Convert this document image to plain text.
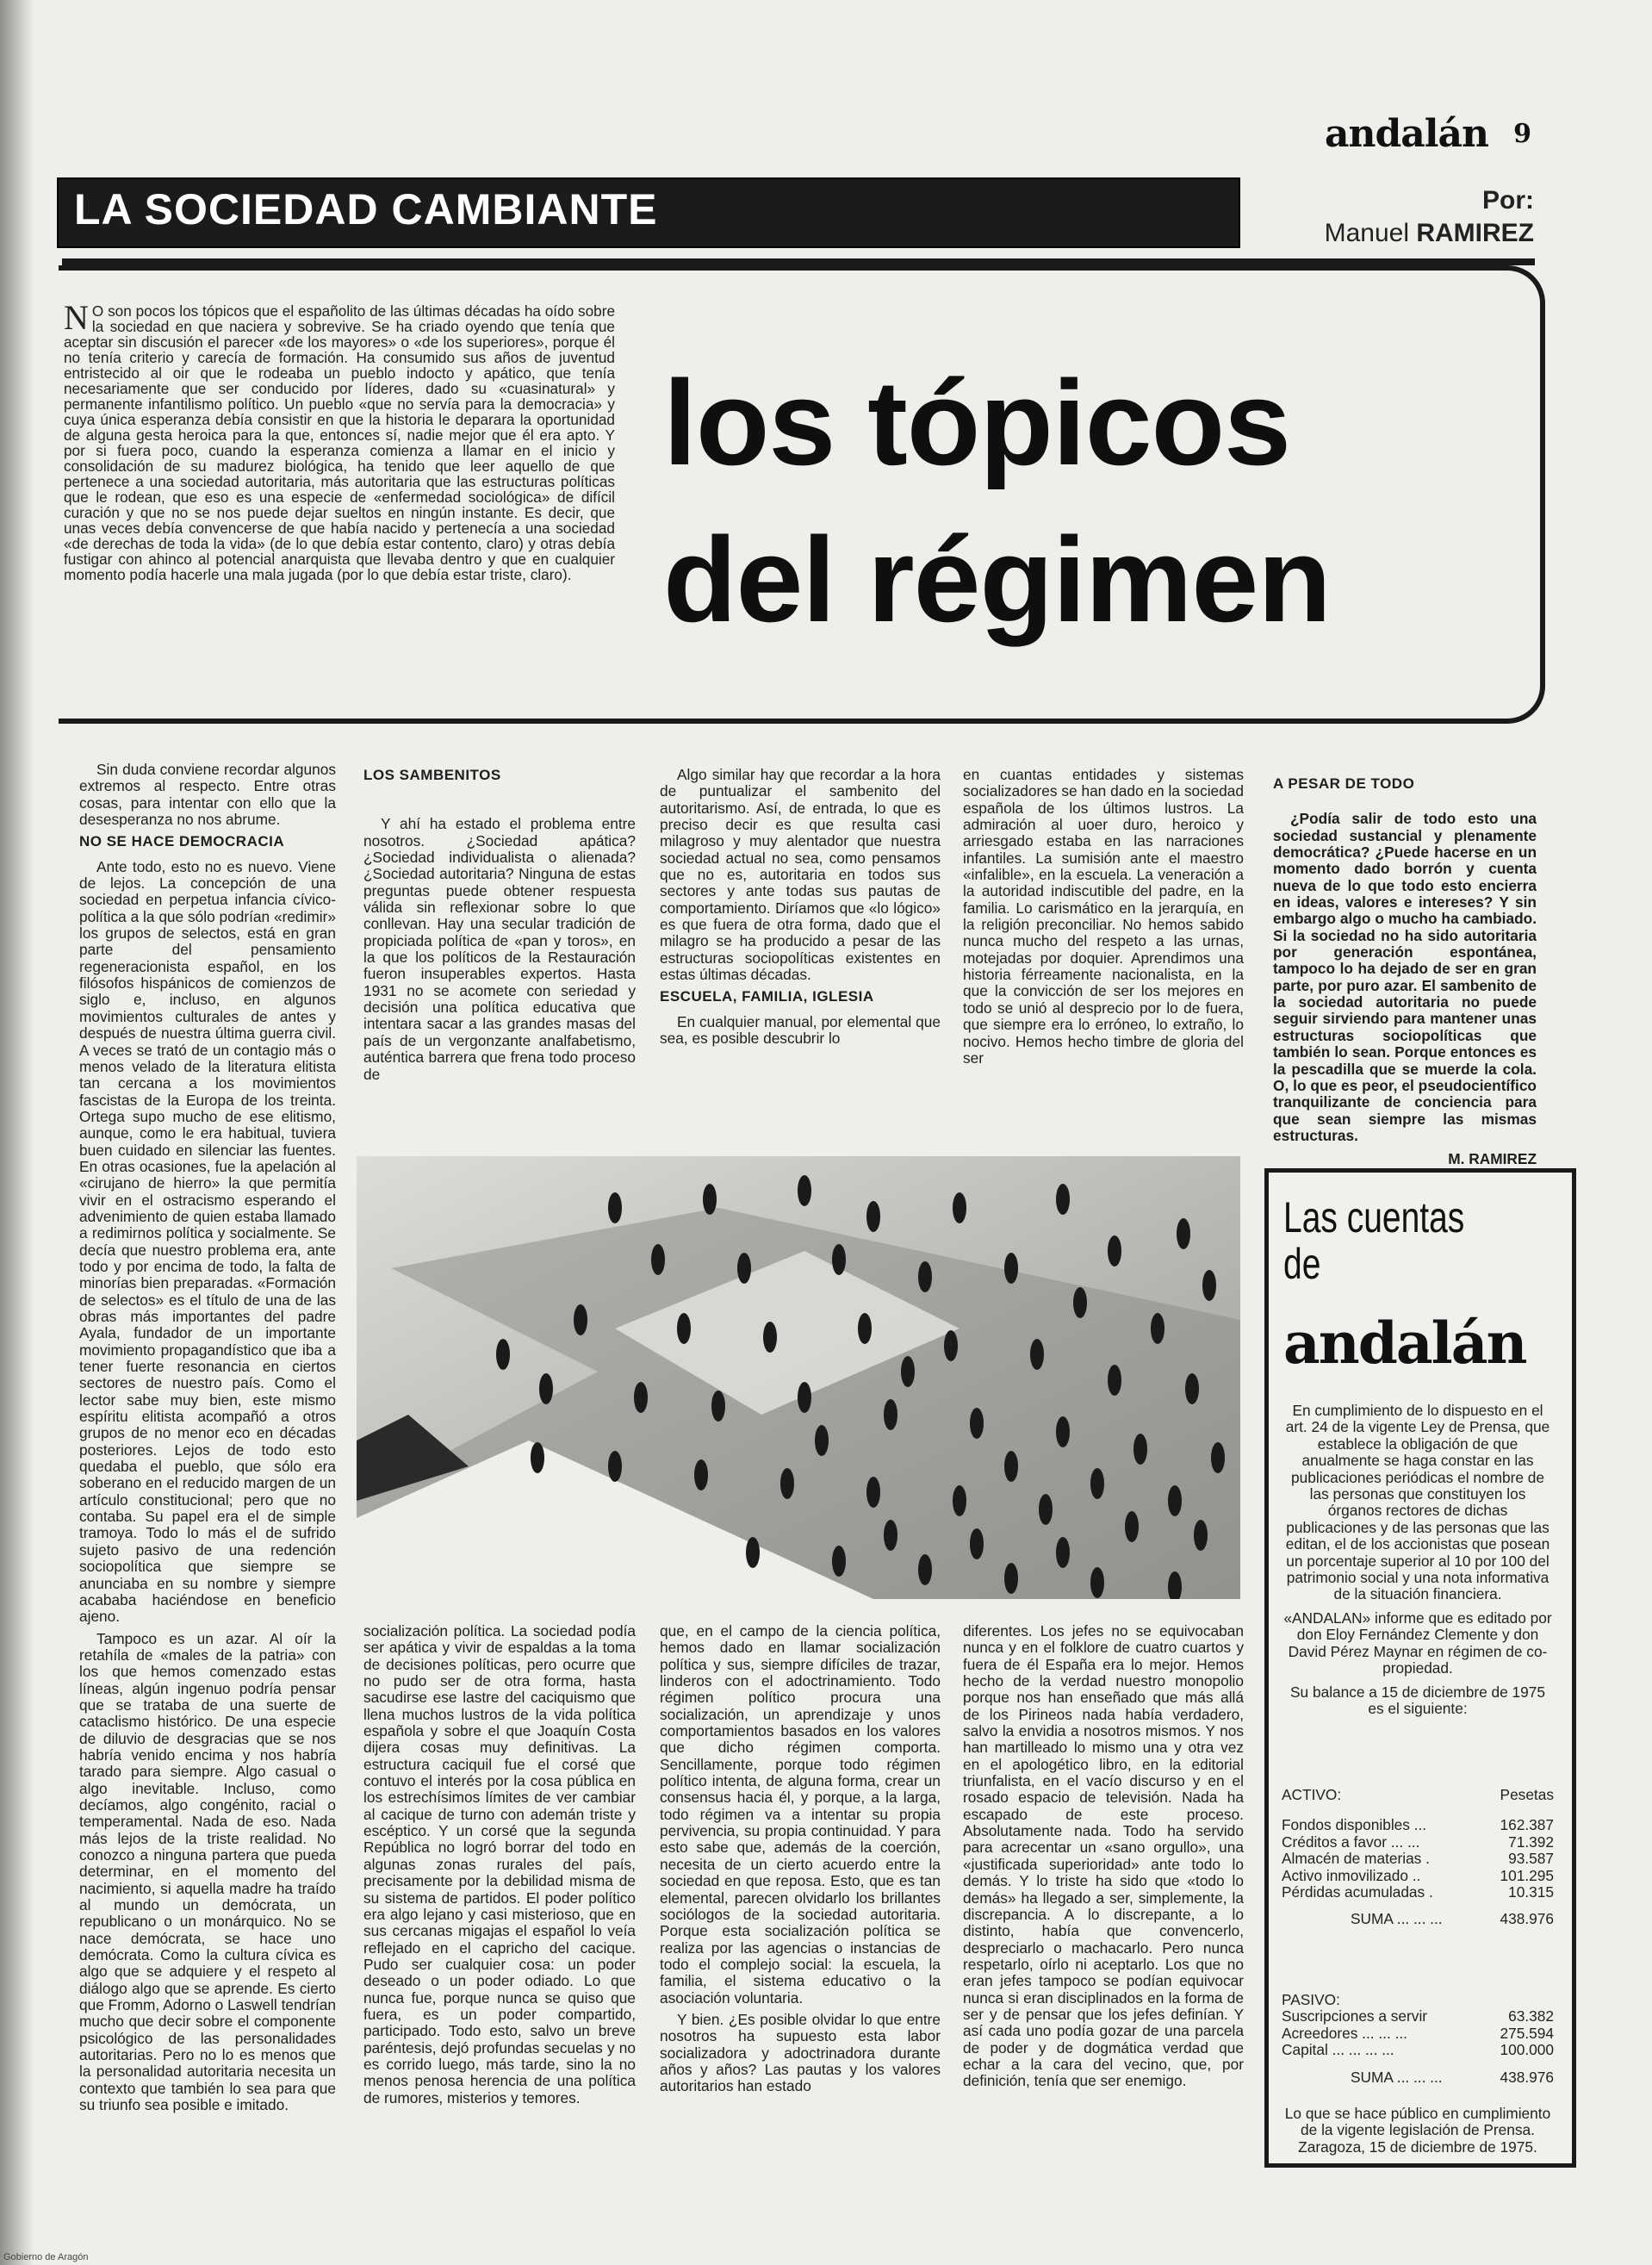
andalán 9
LA SOCIEDAD CAMBIANTE	Por:
Manuel RAMIREZ
N O son pocos los tópicos que el españolito de las últimas décadas ha oído sobre la sociedad en que naciera y sobrevive. Se ha criado oyendo que tenía que aceptar sin discusión el parecer «de los mayores» o «de los superiores», porque él no tenía criterio y carecía de formación. Ha consumido sus años de juventud entristecido al oir que le rodeaba un pueblo indocto y apático, que tenía necesariamente que ser conducido por líderes, dado su «cuasinatural» y permanente infantilismo político. Un pueblo «que no servía para la democracia» y cuya única esperanza debía consistir en que la historia le deparara la oportunidad de alguna gesta heroica para la que, entonces sí, nadie mejor que él era apto. Y por si fuera poco, cuando la esperanza comienza a llamar en el inicio y consolidación de su madurez biológica, ha tenido que leer aquello de que pertenece a una sociedad autoritaria, más autoritaria que las estructuras políticas que le rodean, que eso es una especie de «enfermedad sociológica» de difícil curación y que no se nos puede dejar sueltos en ningún instante. Es decir, que unas veces debía convencerse de que había nacido y pertenecía a una sociedad «de derechas de toda la vida» (de lo que debía estar contento, claro) y otras debía fustigar con ahinco al potencial anarquista que llevaba dentro y que en cualquier momento podía hacerle una mala jugada (por lo que debía estar triste, claro).
los tópicos
del régimen

Sin duda conviene recordar algunos extremos al respecto. Entre otras cosas, para intentar con ello que la desesperanza no nos abrume.

NO SE HACE DEMOCRACIA

Ante todo, esto no es nuevo. Viene de lejos. La concepción de una sociedad en perpetua infancia cívico-política a la que sólo podrían «redimir» los grupos de selectos, está en gran parte del pensamiento regeneracionista español, en los filósofos hispánicos de comienzos de siglo e, incluso, en algunos movimientos culturales de antes y después de nuestra última guerra civil. A veces se trató de un contagio más o menos velado de la literatura elitista tan cercana a los movimientos fascistas de la Europa de los treinta. Ortega supo mucho de ese elitismo, aunque, como le era habitual, tuviera buen cuidado en silenciar las fuentes. En otras ocasiones, fue la apelación al «cirujano de hierro» la que permitía vivir en el ostracismo esperando el advenimiento de quien estaba llamado a redimirnos política y socialmente. Se decía que nuestro problema era, ante todo y por encima de todo, la falta de minorías bien preparadas. «Formación de selectos» es el título de una de las obras más importantes del padre Ayala, fundador de un importante movimiento propagandístico que iba a tener fuerte resonancia en ciertos sectores de nuestro país. Como el lector sabe muy bien, este mismo espíritu elitista acompañó a otros grupos de no menor eco en décadas posteriores. Lejos de todo esto quedaba el pueblo, que sólo era soberano en el reducido margen de un artículo constitucional; pero que no contaba. Su papel era el de simple tramoya. Todo lo más el de sufrido sujeto pasivo de una redención sociopolítica que siempre se anunciaba en su nombre y siempre acababa haciéndose en beneficio ajeno.

Tampoco es un azar. Al oír la retahíla de «males de la patria» con los que hemos comenzado estas líneas, algún ingenuo podría pensar que se trataba de una suerte de cataclismo histórico. De una especie de diluvio de desgracias que se nos habría venido encima y nos habría tarado para siempre. Algo casual o algo inevitable. Incluso, como decíamos, algo congénito, racial o temperamental. Nada de eso. Nada más lejos de la triste realidad. No conozco a ninguna partera que pueda determinar, en el momento del nacimiento, si aquella madre ha traído al mundo un demócrata, un republicano o un monárquico. No se nace demócrata, se hace uno demócrata. Como la cultura cívica es algo que se adquiere y el respeto al diálogo algo que se aprende. Es cierto que Fromm, Adorno o Laswell tendrían mucho que decir sobre el componente psicológico de las personalidades autoritarias. Pero no lo es menos que la personalidad autoritaria necesita un contexto que también lo sea para que su triunfo sea posible e imitado.

LOS SAMBENITOS

Y ahí ha estado el problema entre nosotros. ¿Sociedad apática? ¿Sociedad individualista o alienada? ¿Sociedad autoritaria? Ninguna de estas preguntas puede obtener respuesta válida sin reflexionar sobre lo que conllevan. Hay una secular tradición de propiciada política de «pan y toros», en la que los políticos de la Restauración fueron insuperables expertos. Hasta 1931 no se acomete con seriedad y decisión una política educativa que intentara sacar a las grandes masas del país de un vergonzante analfabetismo, auténtica barrera que frena todo proceso de

Algo similar hay que recordar a la hora de puntualizar el sambenito del autoritarismo. Así, de entrada, lo que es preciso decir es que resulta casi milagroso y muy alentador que nuestra sociedad actual no sea, como pensamos que no es, autoritaria en todos sus sectores y ante todas sus pautas de comportamiento. Diríamos que «lo lógico» es que fuera de otra forma, dado que el milagro se ha producido a pesar de las estructuras sociopolíticas existentes en estas últimas décadas.

ESCUELA, FAMILIA, IGLESIA

En cualquier manual, por elemental que sea, es posible descubrir lo

en cuantas entidades y sistemas socializadores se han dado en la sociedad española de los últimos lustros. La admiración al uoer duro, heroico y arriesgado estaba en las narraciones infantiles. La sumisión ante el maestro «infalible», en la escuela. La veneración a la autoridad indiscutible del padre, en la familia. Lo carismático en la jerarquía, en la religión preconciliar. No hemos sabido nunca mucho del respeto a las urnas, motejadas por doquier. Aprendimos una historia férreamente nacionalista, en la que la convicción de ser los mejores en todo se unió al desprecio por lo de fuera, que siempre era lo erróneo, lo extraño, lo nocivo. Hemos hecho timbre de gloria del ser

A PESAR DE TODO

¿Podía salir de todo esto una sociedad sustancial y plenamente democrática? ¿Puede hacerse en un momento dado borrón y cuenta nueva de lo que todo esto encierra en ideas, valores e intereses? Y sin embargo algo o mucho ha cambiado. Si la sociedad no ha sido autoritaria por generación espontánea, tampoco lo ha dejado de ser en gran parte, por puro azar. El sambenito de la sociedad autoritaria no puede seguir sirviendo para mantener unas estructuras sociopolíticas que también lo sean. Porque entonces es la pescadilla que se muerde la cola. O, lo que es peor, el pseudocientífico tranquilizante de conciencia para que sean siempre las mismas estructuras.

M. RAMIREZ

socialización política. La sociedad podía ser apática y vivir de espaldas a la toma de decisiones políticas, pero ocurre que no pudo ser de otra forma, hasta sacudirse ese lastre del caciquismo que llena muchos lustros de la vida política española y sobre el que Joaquín Costa dijera cosas muy definitivas. La estructura caciquil fue el corsé que contuvo el interés por la cosa pública en los estrechísimos límites de ver cambiar al cacique de turno con ademán triste y escéptico. Y un corsé que la segunda República no logró borrar del todo en algunas zonas rurales del país, precisamente por la debilidad misma de su sistema de partidos. El poder político era algo lejano y casi misterioso, que en sus cercanas migajas el español lo veía reflejado en el capricho del cacique. Pudo ser cualquier cosa: un poder deseado o un poder odiado. Lo que nunca fue, porque nunca se quiso que fuera, es un poder compartido, participado. Todo esto, salvo un breve paréntesis, dejó profundas secuelas y no es corrido luego, más tarde, sino la no menos penosa herencia de una política de rumores, misterios y temores.

que, en el campo de la ciencia política, hemos dado en llamar socialización política y sus, siempre difíciles de trazar, linderos con el adoctrinamiento. Todo régimen político procura una socialización, un aprendizaje y unos comportamientos basados en los valores que dicho régimen comporta. Sencillamente, porque todo régimen político intenta, de alguna forma, crear un consensus hacia él, y porque, a la larga, todo régimen va a intentar su propia pervivencia, su propia continuidad. Y para esto sabe que, además de la coerción, necesita de un cierto acuerdo entre la sociedad en que reposa. Esto, que es tan elemental, parecen olvidarlo los brillantes sociólogos de la sociedad autoritaria. Porque esta socialización política se realiza por las agencias o instancias de todo el complejo social: la escuela, la familia, el sistema educativo o la asociación voluntaria.

Y bien. ¿Es posible olvidar lo que entre nosotros ha supuesto esta labor socializadora y adoctrinadora durante años y años? Las pautas y los valores autoritarios han estado

diferentes. Los jefes no se equivocaban nunca y en el folklore de cuatro cuartos y fuera de él España era lo mejor. Hemos hecho de la verdad nuestro monopolio porque nos han enseñado que más allá de los Pirineos nada había verdadero, salvo la envidia a nosotros mismos. Y nos han martilleado lo mismo una y otra vez en el apologético libro, en la editorial triunfalista, en el vacío discurso y en el rosado espacio de televisión. Nada ha escapado de este proceso. Absolutamente nada. Todo ha servido para acrecentar un «sano orgullo», una «justificada superioridad» ante todo lo demás. Y lo triste ha sido que «todo lo demás» ha llegado a ser, simplemente, la discrepancia. A lo discrepante, a lo distinto, había que convencerlo, despreciarlo o machacarlo. Pero nunca respetarlo, oírlo ni aceptarlo. Los que no eran jefes tampoco se podían equivocar nunca si eran disciplinados en la forma de ser y de pensar que los jefes definían. Y así cada uno podía gozar de una parcela de poder y de dogmática verdad que echar a la cara del vecino, que, por definición, tenía que ser enemigo.

Las cuentas
de
andalán

En cumplimiento de lo dispuesto en el art. 24 de la vigente Ley de Prensa, que establece la obligación de que anualmente se haga constar en las publicaciones periódicas el nombre de las personas que constituyen los órganos rectores de dichas publicaciones y de las personas que las editan, el de los accionistas que posean un porcentaje superior al 10 por 100 del patrimonio social y una nota informativa de la situación financiera.

«ANDALAN» informe que es editado por don Eloy Fernández Clemente y don David Pérez Maynar en régimen de co-propiedad.

Su balance a 15 de diciembre de 1975 es el siguiente:

ACTIVO:	Pesetas
Fondos disponibles ...	162.387
Créditos a favor ... ...	71.392
Almacén de materias .	93.587
Activo inmovilizado ..	101.295
Pérdidas acumuladas .	10.315
SUMA ... ... ...	438.976
PASIVO:
Suscripciones a servir	63.382
Acreedores ... ... ...	275.594
Capital ... ... ... ...	100.000
SUMA ... ... ...	438.976
Lo que se hace público en cumplimiento de la vigente legislación de Prensa. Zaragoza, 15 de diciembre de 1975.
Gobierno de Aragón
